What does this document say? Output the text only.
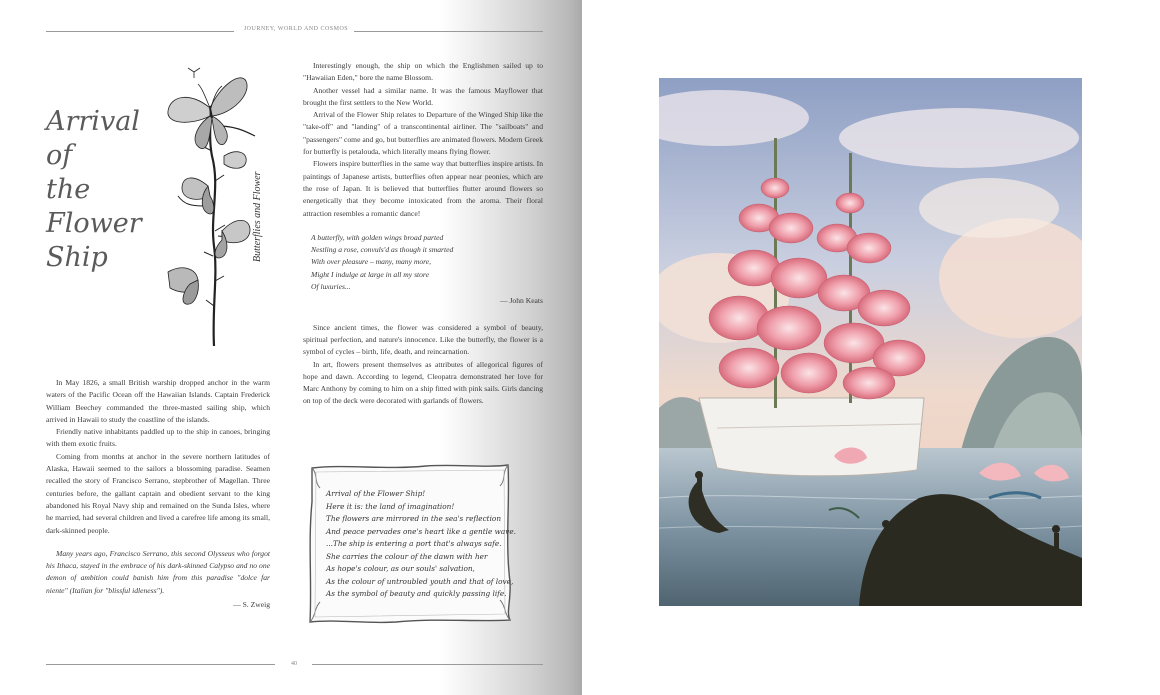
JOURNEY, WORLD AND COSMOS
Arrival
of
the
Flower
Ship	Butterflies and Flower

In May 1826, a small British warship dropped anchor in the warm waters of the Pacific Ocean off the Hawaiian Islands. Captain Frederick William Beechey commanded the three-masted sailing ship, which arrived in Hawaii to study the coastline of the islands.

Friendly native inhabitants paddled up to the ship in canoes, bringing with them exotic fruits.

Coming from months at anchor in the severe northern latitudes of Alaska, Hawaii seemed to the sailors a blossoming paradise. Seamen recalled the story of Francisco Serrano, stepbrother of Magellan. Three centuries before, the gallant captain and obedient servant to the king abandoned his Royal Navy ship and remained on the Sunda Isles, where he married, had several children and lived a carefree life among its small, dark-skinned people.

Many years ago, Francisco Serrano, this second Olysseus who forgot his Ithaca, stayed in the embrace of his dark-skinned Calypso and no one demon of ambition could banish him from this paradise "dolce far niente" (Italian for "blissful idleness").

— S. Zweig

Interestingly enough, the ship on which the Englishmen sailed up to "Hawaiian Eden," bore the name Blossom.

Another vessel had a similar name. It was the famous Mayflower that brought the first settlers to the New World.

Arrival of the Flower Ship relates to Departure of the Winged Ship like the "take-off" and "landing" of a transcontinental airliner. The "sailboats" and "passengers" come and go, but butterflies are animated flowers. Modern Greek for butterfly is petalouda, which literally means flying flower.

Flowers inspire butterflies in the same way that butterflies inspire artists. In paintings of Japanese artists, butterflies often appear near peonies, which are the rose of Japan. It is believed that butterflies flutter around flowers so energetically that they become intoxicated from the aroma. Their floral attraction resembles a romantic dance!

A butterfly, with golden wings broad parted

Nestling a rose, convuls'd as though it smarted

With over pleasure – many, many more,

Might I indulge at large in all my store

Of luxuries...

— John Keats

Since ancient times, the flower was considered a symbol of beauty, spiritual perfection, and nature's innocence. Like the butterfly, the flower is a symbol of cycles – birth, life, death, and reincarnation.

In art, flowers present themselves as attributes of allegorical figures of hope and dawn. According to legend, Cleopatra demonstrated her love for Marc Anthony by coming to him on a ship fitted with pink sails. Girls dancing on top of the deck were decorated with garlands of flowers.

Arrival of the Flower Ship!
Here it is: the land of imagination!
The flowers are mirrored in the sea's reflection
And peace pervades one's heart like a gentle wave.
...The ship is entering a port that's always safe.
She carries the colour of the dawn with her
As hope's colour, as our souls' salvation,
As the colour of untroubled youth and that of love,
As the symbol of beauty and quickly passing life.
40
